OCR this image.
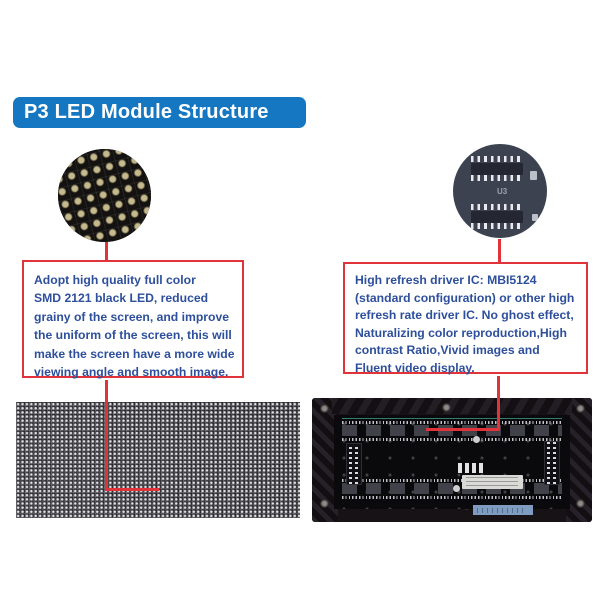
P3 LED Module Structure
U3
Adopt high quality full color
SMD 2121 black LED, reduced
grainy of the screen, and improve
the uniform of the screen, this will
make the screen have a more wide
viewing angle and smooth image.
High refresh driver IC: MBI5124
(standard configuration) or other high
refresh rate driver IC. No ghost effect,
Naturalizing color reproduction,High
contrast Ratio,Vivid images and
Fluent video display.
